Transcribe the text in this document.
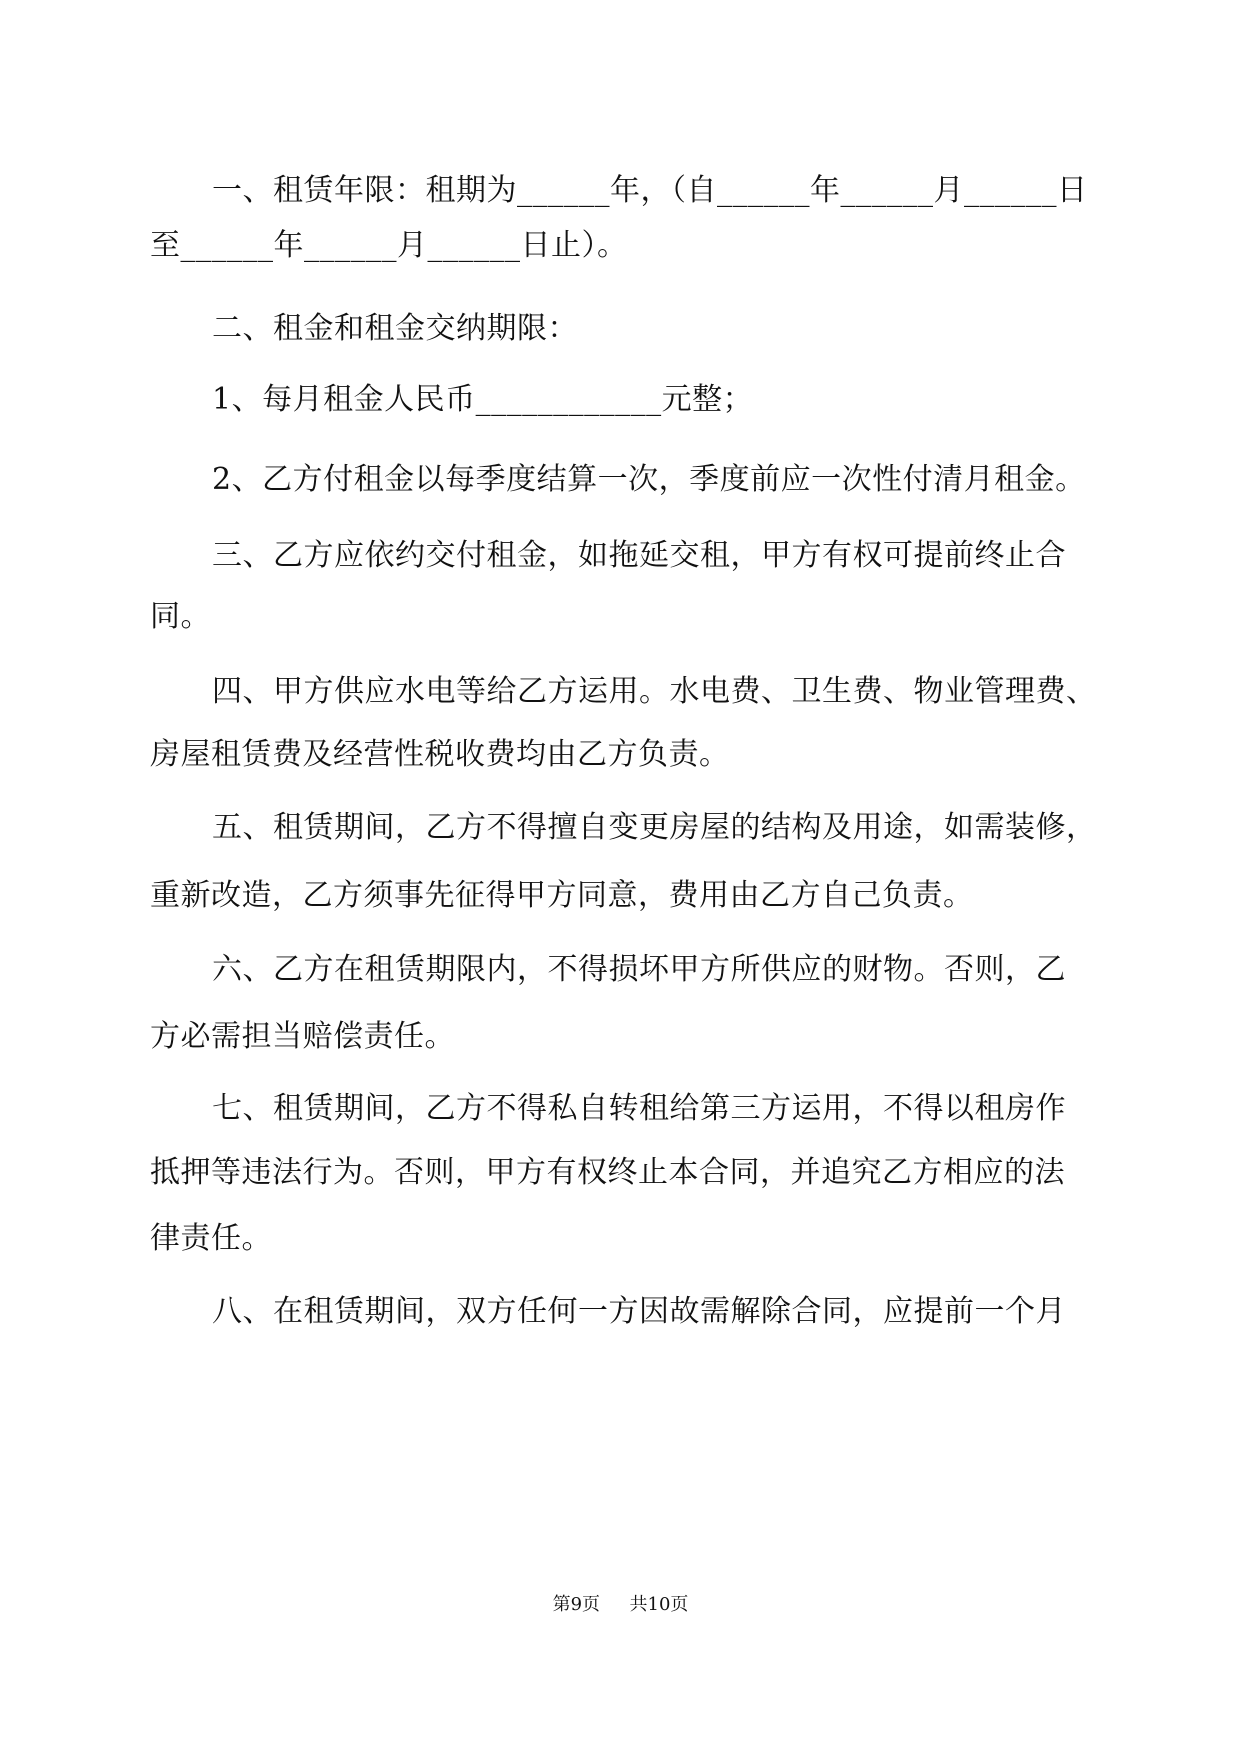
一、租赁年限：租期为______年，（自______年______月______日
至______年______月______日止）。
二、租金和租金交纳期限：
1、每月租金人民币____________元整；
2、乙方付租金以每季度结算一次，季度前应一次性付清月租金。
三、乙方应依约交付租金，如拖延交租，甲方有权可提前终止合
同。
四、甲方供应水电等给乙方运用。水电费、卫生费、物业管理费、
房屋租赁费及经营性税收费均由乙方负责。
五、租赁期间，乙方不得擅自变更房屋的结构及用途，如需装修，
重新改造，乙方须事先征得甲方同意，费用由乙方自己负责。
六、乙方在租赁期限内，不得损坏甲方所供应的财物。否则，乙
方必需担当赔偿责任。
七、租赁期间，乙方不得私自转租给第三方运用，不得以租房作
抵押等违法行为。否则，甲方有权终止本合同，并追究乙方相应的法
律责任。
八、在租赁期间，双方任何一方因故需解除合同，应提前一个月
第9页 共10页
